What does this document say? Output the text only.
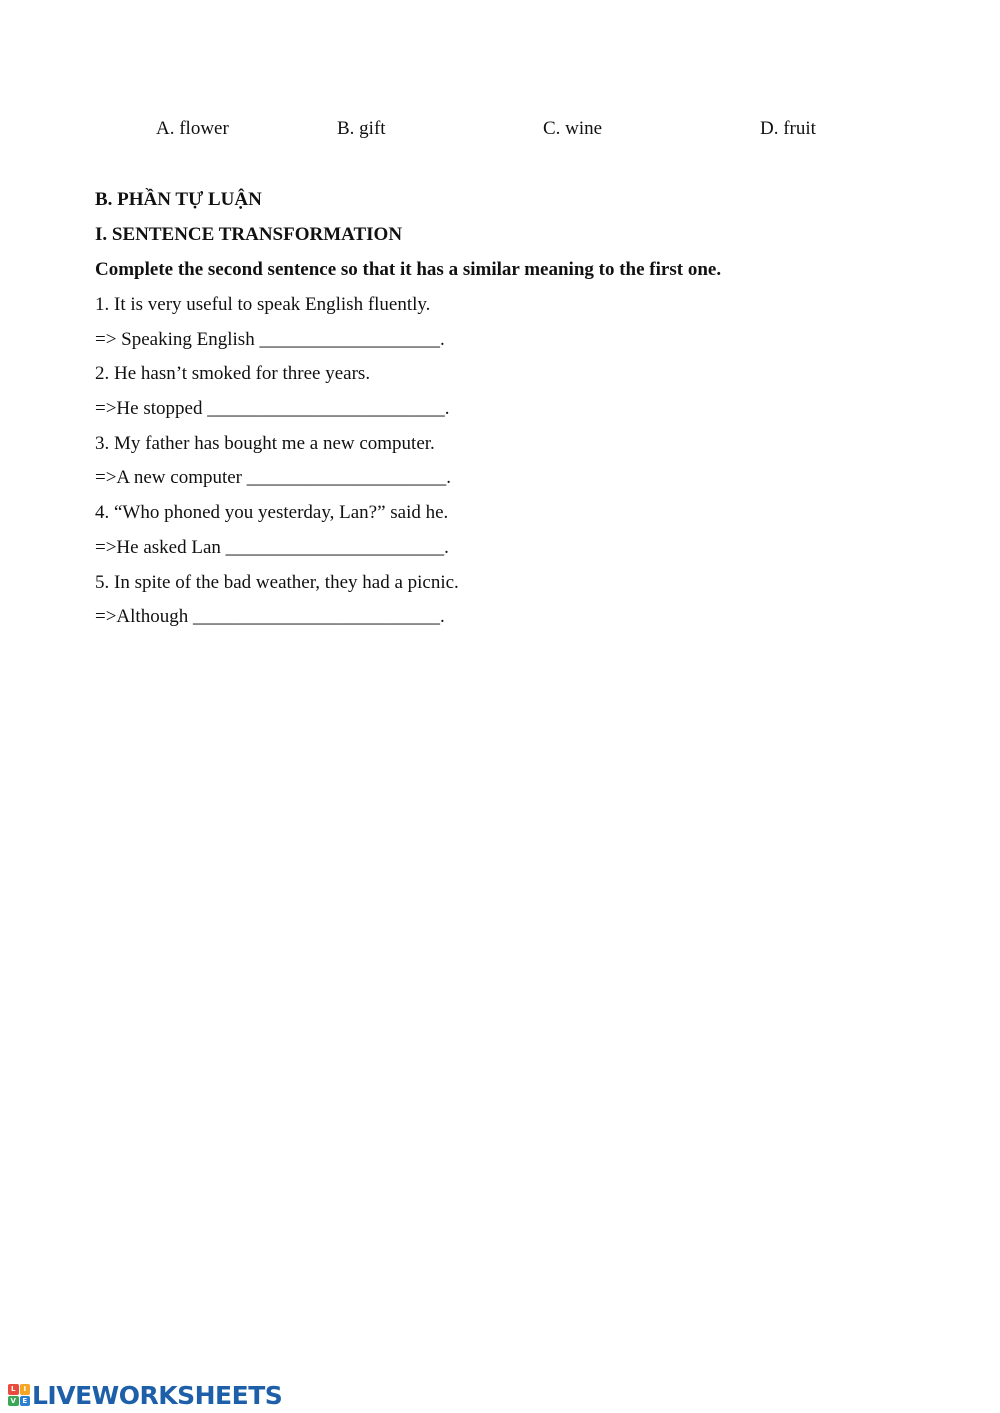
A. flower	B. gift	C. wine	D. fruit
B. PHẦN TỰ LUẬN
I. SENTENCE TRANSFORMATION
Complete the second sentence so that it has a similar meaning to the first one.
1. It is very useful to speak English fluently.
=> Speaking English ___________________.
2. He hasn’t smoked for three years.
=>He stopped _________________________.
3. My father has bought me a new computer.
=>A new computer _____________________.
4. “Who phoned you yesterday, Lan?” said he.
=>He asked Lan _______________________.
5. In spite of the bad weather, they had a picnic.
=>Although __________________________.
L	I
V E LIVEWORKSHEETS
